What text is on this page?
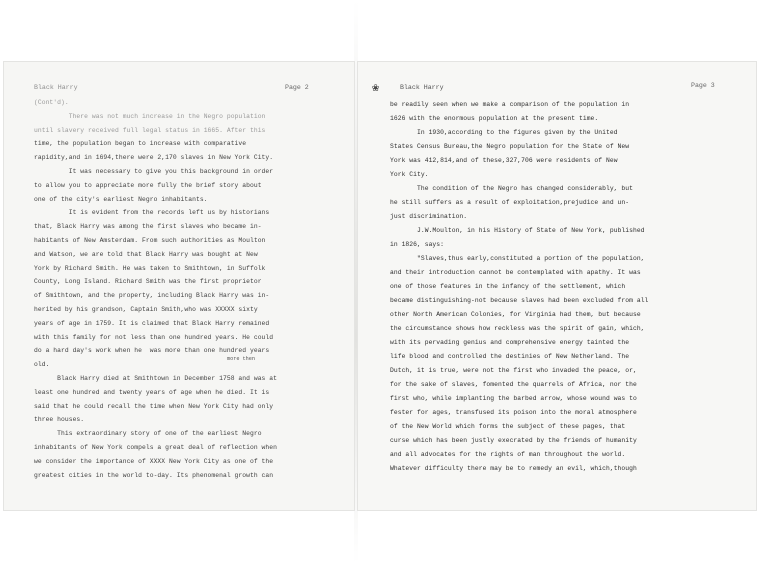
Black Harry	Page 2
(Cont'd).
There was not much increase in the Negro population
until slavery received full legal status in 1665. After this
time, the population began to increase with comparative
rapidity,and in 1694,there were 2,170 slaves in New York City.
It was necessary to give you this background in order
to allow you to appreciate more fully the brief story about
one of the city's earliest Negro inhabitants.
It is evident from the records left us by historians
that, Black Harry was among the first slaves who became in-
habitants of New Amsterdam. From such authorities as Moulton
and Watson, we are told that Black Harry was bought at New
York by Richard Smith. He was taken to Smithtown, in Suffolk
County, Long Island. Richard Smith was the first proprietor
of Smithtown, and the property, including Black Harry was in-
herited by his grandson, Captain Smith,who was XXXXX sixty
years of age in 1759. It is claimed that Black Harry remained
with this family for not less than one hundred years. He could
do a hard day's work when he  was more than one hundred years
old.
Black Harry died at Smithtown in December 1758 and was at
least one hundred and twenty years of age when he died. It is
said that he could recall the time when New York City had only
three houses.
This extraordinary story of one of the earliest Negro
inhabitants of New York compels a great deal of reflection when
we consider the importance of XXXX New York City as one of the
greatest cities in the world to-day. Its phenomenal growth can
more then
❀	Black Harry	Page 3
be readily seen when we make a comparison of the population in
1626 with the enormous population at the present time.
In 1930,according to the figures given by the United
States Census Bureau,the Negro population for the State of New
York was 412,814,and of these,327,706 were residents of New
York City.
The condition of the Negro has changed considerably, but
he still suffers as a result of exploitation,prejudice and un-
just discrimination.
J.W.Moulton, in his History of State of New York, published
in 1826, says:
"Slaves,thus early,constituted a portion of the population,
and their introduction cannot be contemplated with apathy. It was
one of those features in the infancy of the settlement, which
became distinguishing-not because slaves had been excluded from all
other North American Colonies, for Virginia had them, but because
the circumstance shows how reckless was the spirit of gain, which,
with its pervading genius and comprehensive energy tainted the
life blood and controlled the destinies of New Netherland. The
Dutch, it is true, were not the first who invaded the peace, or,
for the sake of slaves, fomented the quarrels of Africa, nor the
first who, while implanting the barbed arrow, whose wound was to
fester for ages, transfused its poison into the moral atmosphere
of the New World which forms the subject of these pages, that
curse which has been justly execrated by the friends of humanity
and all advocates for the rights of man throughout the world.
Whatever difficulty there may be to remedy an evil, which,though
